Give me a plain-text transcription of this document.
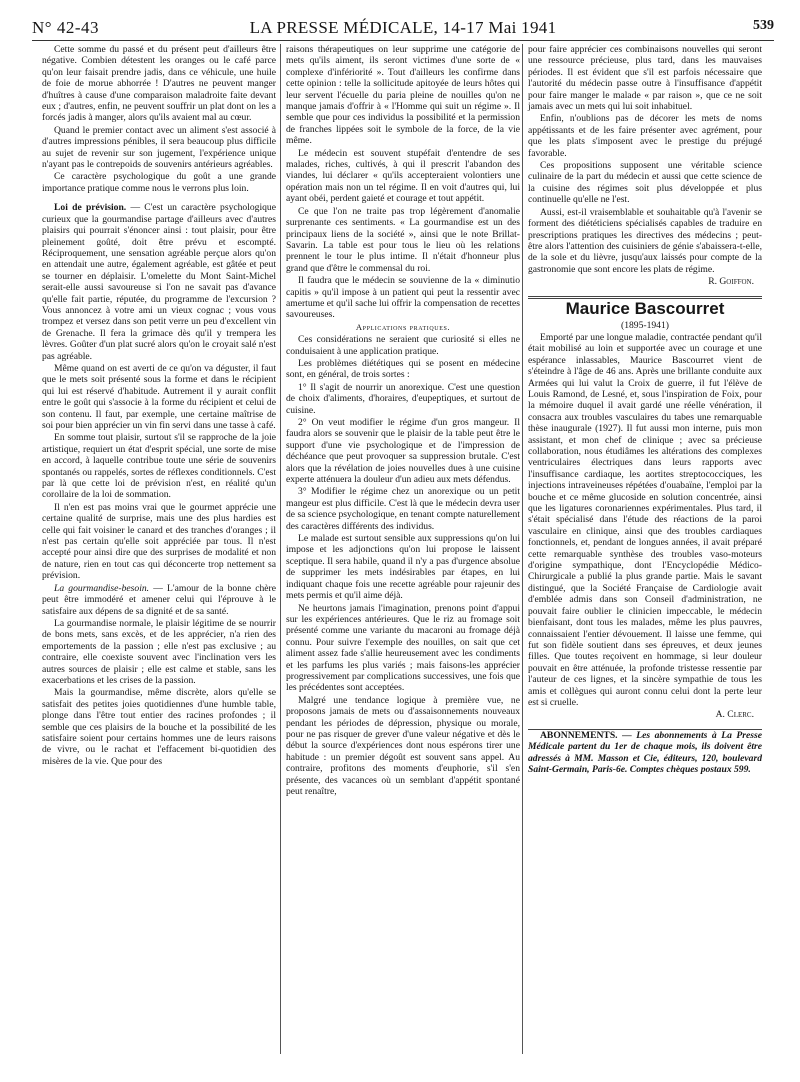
N° 42-43	LA PRESSE MÉDICALE, 14-17 Mai 1941	539

Cette somme du passé et du présent peut d'ailleurs être négative. Combien détestent les oranges ou le café parce qu'on leur faisait prendre jadis, dans ce véhicule, une huile de foie de morue abhorrée ! D'autres ne peuvent manger d'huîtres à cause d'une comparaison maladroite faite devant eux ; d'autres, enfin, ne peuvent souffrir un plat dont on les a forcés jadis à manger, alors qu'ils avaient mal au cœur.

Quand le premier contact avec un aliment s'est associé à d'autres impressions pénibles, il sera beaucoup plus difficile au sujet de revenir sur son jugement, l'expérience unique n'ayant pas le contrepoids de souvenirs antérieurs agréables.

Ce caractère psychologique du goût a une grande importance pratique comme nous le verrons plus loin.

Loi de prévision. — C'est un caractère psychologique curieux que la gourmandise partage d'ailleurs avec d'autres plaisirs qui pourrait s'énoncer ainsi : tout plaisir, pour être pleinement goûté, doit être prévu et escompté. Réciproquement, une sensation agréable perçue alors qu'on en attendait une autre, également agréable, est gâtée et peut se tourner en déplaisir. L'omelette du Mont Saint-Michel serait-elle aussi savoureuse si l'on ne savait pas d'avance qu'elle fait partie, réputée, du programme de l'excursion ? Vous annoncez à votre ami un vieux cognac ; vous vous trompez et versez dans son petit verre un peu d'excellent vin de Grenache. Il fera la grimace dès qu'il y trempera les lèvres. Goûter d'un plat sucré alors qu'on le croyait salé n'est pas agréable.

Même quand on est averti de ce qu'on va déguster, il faut que le mets soit présenté sous la forme et dans le récipient qui lui est réservé d'habitude. Autrement il y aurait conflit entre le goût qui s'associe à la forme du récipient et celui de son contenu. Il faut, par exemple, une certaine maîtrise de soi pour bien apprécier un vin fin servi dans une tasse à café.

En somme tout plaisir, surtout s'il se rapproche de la joie artistique, requiert un état d'esprit spécial, une sorte de mise en accord, à laquelle contribue toute une série de souvenirs spontanés ou rappelés, sortes de réflexes conditionnels. C'est par là que cette loi de prévision n'est, en réalité qu'un corollaire de la loi de sommation.

Il n'en est pas moins vrai que le gourmet apprécie une certaine qualité de surprise, mais une des plus hardies est celle qui fait voisiner le canard et des tranches d'oranges ; il n'est pas certain qu'elle soit appréciée par tous. Il n'est accepté pour ainsi dire que des surprises de modalité et non de nature, rien en tout cas qui déconcerte trop nettement sa prévision.

La gourmandise-besoin. — L'amour de la bonne chère peut être immodéré et amener celui qui l'éprouve à le satisfaire aux dépens de sa dignité et de sa santé.

La gourmandise normale, le plaisir légitime de se nourrir de bons mets, sans excès, et de les apprécier, n'a rien des emportements de la passion ; elle n'est pas exclusive ; au contraire, elle coexiste souvent avec l'inclination vers les autres sources de plaisir ; elle est calme et stable, sans les exacerbations et les crises de la passion.

Mais la gourmandise, même discrète, alors qu'elle se satisfait des petites joies quotidiennes d'une humble table, plonge dans l'être tout entier des racines profondes ; il semble que ces plaisirs de la bouche et la possibilité de les satisfaire soient pour certains hommes une de leurs raisons de vivre, ou le rachat et l'effacement bi-quotidien des misères de la vie. Que pour des

raisons thérapeutiques on leur supprime une catégorie de mets qu'ils aiment, ils seront victimes d'une sorte de « complexe d'infériorité ». Tout d'ailleurs les confirme dans cette opinion : telle la sollicitude apitoyée de leurs hôtes qui leur servent l'écuelle du paria pleine de nouilles qu'on ne manque jamais d'offrir à « l'Homme qui suit un régime ». Il semble que pour ces individus la possibilité et la permission de franches lippées soit le symbole de la force, de la vie même.

Le médecin est souvent stupéfait d'entendre de ses malades, riches, cultivés, à qui il prescrit l'abandon des viandes, lui déclarer « qu'ils accepteraient volontiers une opération mais non un tel régime. Il en voit d'autres qui, lui ayant obéi, perdent gaieté et courage et tout appétit.

Ce que l'on ne traite pas trop légèrement d'anomalie surprenante ces sentiments. « La gourmandise est un des principaux liens de la société », ainsi que le note Brillat-Savarin. La table est pour tous le lieu où les relations prennent le tour le plus intime. Il n'était d'honneur plus grand que d'être le commensal du roi.

Il faudra que le médecin se souvienne de la « diminutio capitis » qu'il impose à un patient qui peut la ressentir avec amertume et qu'il sache lui offrir la compensation de recettes savoureuses.

Applications pratiques.

Ces considérations ne seraient que curiosité si elles ne conduisaient à une application pratique.

Les problèmes diététiques qui se posent en médecine sont, en général, de trois sortes :

1° Il s'agit de nourrir un anorexique. C'est une question de choix d'aliments, d'horaires, d'eupeptiques, et surtout de cuisine.

2° On veut modifier le régime d'un gros mangeur. Il faudra alors se souvenir que le plaisir de la table peut être le support d'une vie psychologique et de l'impression de déchéance que peut provoquer sa suppression brutale. C'est alors que la révélation de joies nouvelles dues à une cuisine experte atténuera la douleur d'un adieu aux mets défendus.

3° Modifier le régime chez un anorexique ou un petit mangeur est plus difficile. C'est là que le médecin devra user de sa science psychologique, en tenant compte naturellement des caractères différents des individus.

Le malade est surtout sensible aux suppressions qu'on lui impose et les adjonctions qu'on lui propose le laissent sceptique. Il sera habile, quand il n'y a pas d'urgence absolue de supprimer les mets indésirables par étapes, en lui indiquant chaque fois une recette agréable pour rajeunir des mets permis et qu'il aime déjà.

Ne heurtons jamais l'imagination, prenons point d'appui sur les expériences antérieures. Que le riz au fromage soit présenté comme une variante du macaroni au fromage déjà connu. Pour suivre l'exemple des nouilles, on sait que cet aliment assez fade s'allie heureusement avec les condiments et les parfums les plus variés ; mais faisons-les apprécier progressivement par complications successives, une fois que les précédentes sont acceptées.

Malgré une tendance logique à première vue, ne proposons jamais de mets ou d'assaisonnements nouveaux pendant les périodes de dépression, physique ou morale, pour ne pas risquer de grever d'une valeur négative et dès le début la source d'expériences dont nous espérons tirer une habitude : un premier dégoût est souvent sans appel. Au contraire, profitons des moments d'euphorie, s'il s'en présente, des vacances où un semblant d'appétit spontané peut renaître,

pour faire apprécier ces combinaisons nouvelles qui seront une ressource précieuse, plus tard, dans les mauvaises périodes. Il est évident que s'il est parfois nécessaire que l'autorité du médecin passe outre à l'insuffisance d'appétit pour faire manger le malade « par raison », que ce ne soit jamais avec un mets qui lui soit inhabituel.

Enfin, n'oublions pas de décorer les mets de noms appétissants et de les faire présenter avec agrément, pour que les plats s'imposent avec le prestige du préjugé favorable.

Ces propositions supposent une véritable science culinaire de la part du médecin et aussi que cette science de la cuisine des régimes soit plus développée et plus continuelle qu'elle ne l'est.

Aussi, est-il vraisemblable et souhaitable qu'à l'avenir se forment des diététiciens spécialisés capables de traduire en prescriptions pratiques les directives des médecins ; peut-être alors l'attention des cuisiniers de génie s'abaissera-t-elle, de la sole et du lièvre, jusqu'aux laissés pour compte de la gastronomie que sont encore les plats de régime.

R. Goiffon.

Maurice Bascourret

(1895-1941)

Emporté par une longue maladie, contractée pendant qu'il était mobilisé au loin et supportée avec un courage et une espérance inlassables, Maurice Bascourret vient de s'éteindre à l'âge de 46 ans. Après une brillante conduite aux Armées qui lui valut la Croix de guerre, il fut l'élève de Louis Ramond, de Lesné, et, sous l'inspiration de Foix, pour la mémoire duquel il avait gardé une réelle vénération, il consacra aux troubles vasculaires du tabes une remarquable thèse inaugurale (1927). Il fut aussi mon interne, puis mon assistant, et mon chef de clinique ; avec sa précieuse collaboration, nous étudiâmes les altérations des complexes ventriculaires électriques dans leurs rapports avec l'insuffisance cardiaque, les aortites streptococciques, les injections intraveineuses répétées d'ouabaïne, l'emploi par la bouche et ce même glucoside en solution concentrée, ainsi que les ligatures coronariennes expérimentales. Plus tard, il s'était spécialisé dans l'étude des réactions de la paroi vasculaire en clinique, ainsi que des troubles cardiaques fonctionnels, et, pendant de longues années, il avait préparé cette remarquable synthèse des troubles vaso-moteurs d'origine sympathique, dont l'Encyclopédie Médico-Chirurgicale a publié la plus grande partie. Mais le savant distingué, que la Société Française de Cardiologie avait d'emblée admis dans son Conseil d'administration, ne pouvait faire oublier le clinicien impeccable, le médecin bienfaisant, dont tous les malades, même les plus pauvres, connaissaient l'entier dévouement. Il laisse une femme, qui fut son fidèle soutient dans ses épreuves, et deux jeunes filles. Que toutes reçoivent en hommage, si leur douleur pouvait en être atténuée, la profonde tristesse ressentie par l'auteur de ces lignes, et la sincère sympathie de tous les amis et collègues qui auront connu celui dont la perte leur est si cruelle.

A. Clerc.

ABONNEMENTS. — Les abonnements à La Presse Médicale partent du 1er de chaque mois, ils doivent être adressés à MM. Masson et Cie, éditeurs, 120, boulevard Saint-Germain, Paris-6e. Comptes chèques postaux 599.
